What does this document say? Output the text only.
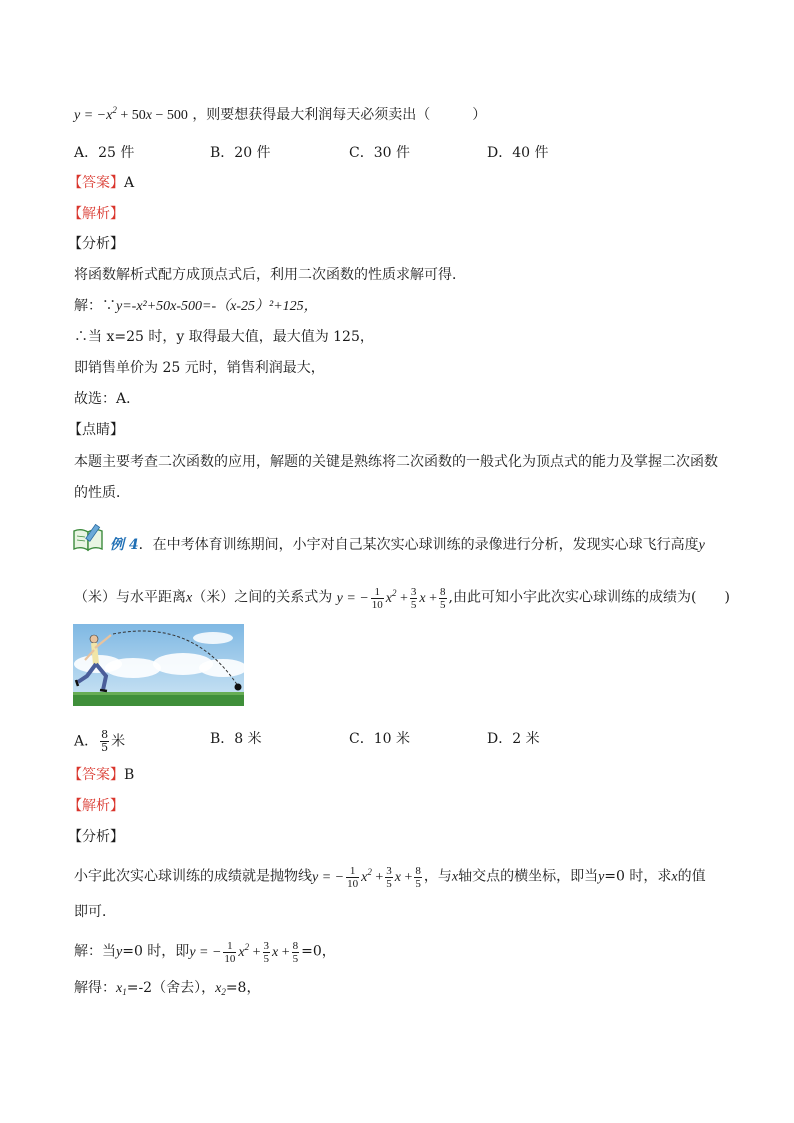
$y = -x^2 + 50x - 500$ ，则要想获得最大利润每天必须卖出（　　　）
A．25 件	B．20 件	C．30 件	D．40 件
【答案】A
【解析】
【分析】
将函数解析式配方成顶点式后，利用二次函数的性质求解可得．
解：∵y=-x²+50x-500=-（x-25）²+125，
∴当 x=25 时，y 取得最大值，最大值为 125，
即销售单价为 25 元时，销售利润最大，
故选：A．
【点睛】
本题主要考查二次函数的应用，解题的关键是熟练将二次函数的一般式化为顶点式的能力及掌握二次函数
的性质．
例 4．在中考体育训练期间，小宇对自己某次实心球训练的录像进行分析，发现实心球飞行高度y
（米）与水平距离x（米）之间的关系式为 y = − $\frac{1}{10} x^2 + \frac{3}{5}$ $x + \frac{8}{5}$ ,由此可知小宇此次实心球训练的成绩为(　　)
A． $\frac{8}{5}$ 米	B．8 米	C．10 米	D．2 米
【答案】B
【解析】
【分析】
小宇此次实心球训练的成绩就是抛物线y = − $\frac{1}{10} x^2 + \frac{3}{5}$ $x + \frac{8}{5}$ ，与x轴交点的横坐标，即当y=0 时，求x的值
即可．
解：当y=0 时，即y = − $\frac{1}{10} x^2 + \frac{3}{5}$ $x + \frac{8}{5} =0$，
解得：$x_1=-2$（舍去），$x_2=8$，
